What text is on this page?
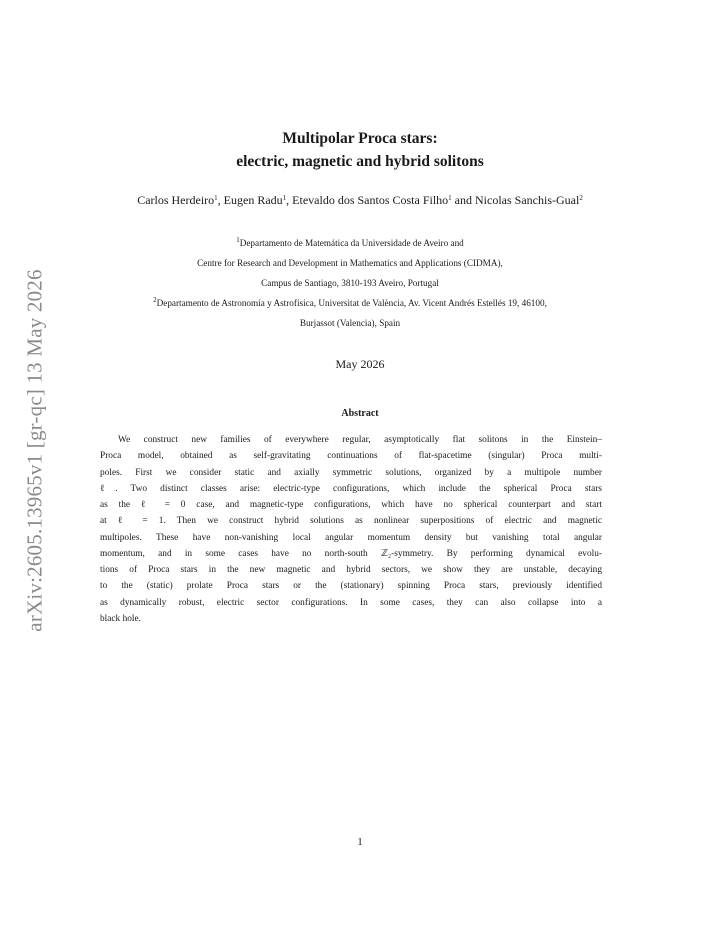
arXiv:2605.13965v1 [gr-qc] 13 May 2026
Multipolar Proca stars:
electric, magnetic and hybrid solitons
Carlos Herdeiro$^1$, Eugen Radu$^1$, Etevaldo dos Santos Costa Filho$^1$ and Nicolas Sanchis-Gual$^2$
$^1$Departamento de Matemática da Universidade de Aveiro and
Centre for Research and Development in Mathematics and Applications (CIDMA),
Campus de Santiago, 3810-193 Aveiro, Portugal
$^2$Departamento de Astronomía y Astrofísica, Universitat de València, Av. Vicent Andrés Estellés 19, 46100,
Burjassot (Valencia), Spain
May 2026
Abstract
We construct new families of everywhere regular, asymptotically flat solitons in the Einstein–
Proca model, obtained as self-gravitating continuations of flat-spacetime (singular) Proca multi-
poles. First we consider static and axially symmetric solutions, organized by a multipole number
ℓ. Two distinct classes arise: electric-type configurations, which include the spherical Proca stars
as the ℓ = 0 case, and magnetic-type configurations, which have no spherical counterpart and start
at ℓ = 1. Then we construct hybrid solutions as nonlinear superpositions of electric and magnetic
multipoles. These have non-vanishing local angular momentum density but vanishing total angular
momentum, and in some cases have no north-south ℤ₂-symmetry. By performing dynamical evolu-
tions of Proca stars in the new magnetic and hybrid sectors, we show they are unstable, decaying
to the (static) prolate Proca stars or the (stationary) spinning Proca stars, previously identified
as dynamically robust, electric sector configurations. In some cases, they can also collapse into a
black hole.
1
